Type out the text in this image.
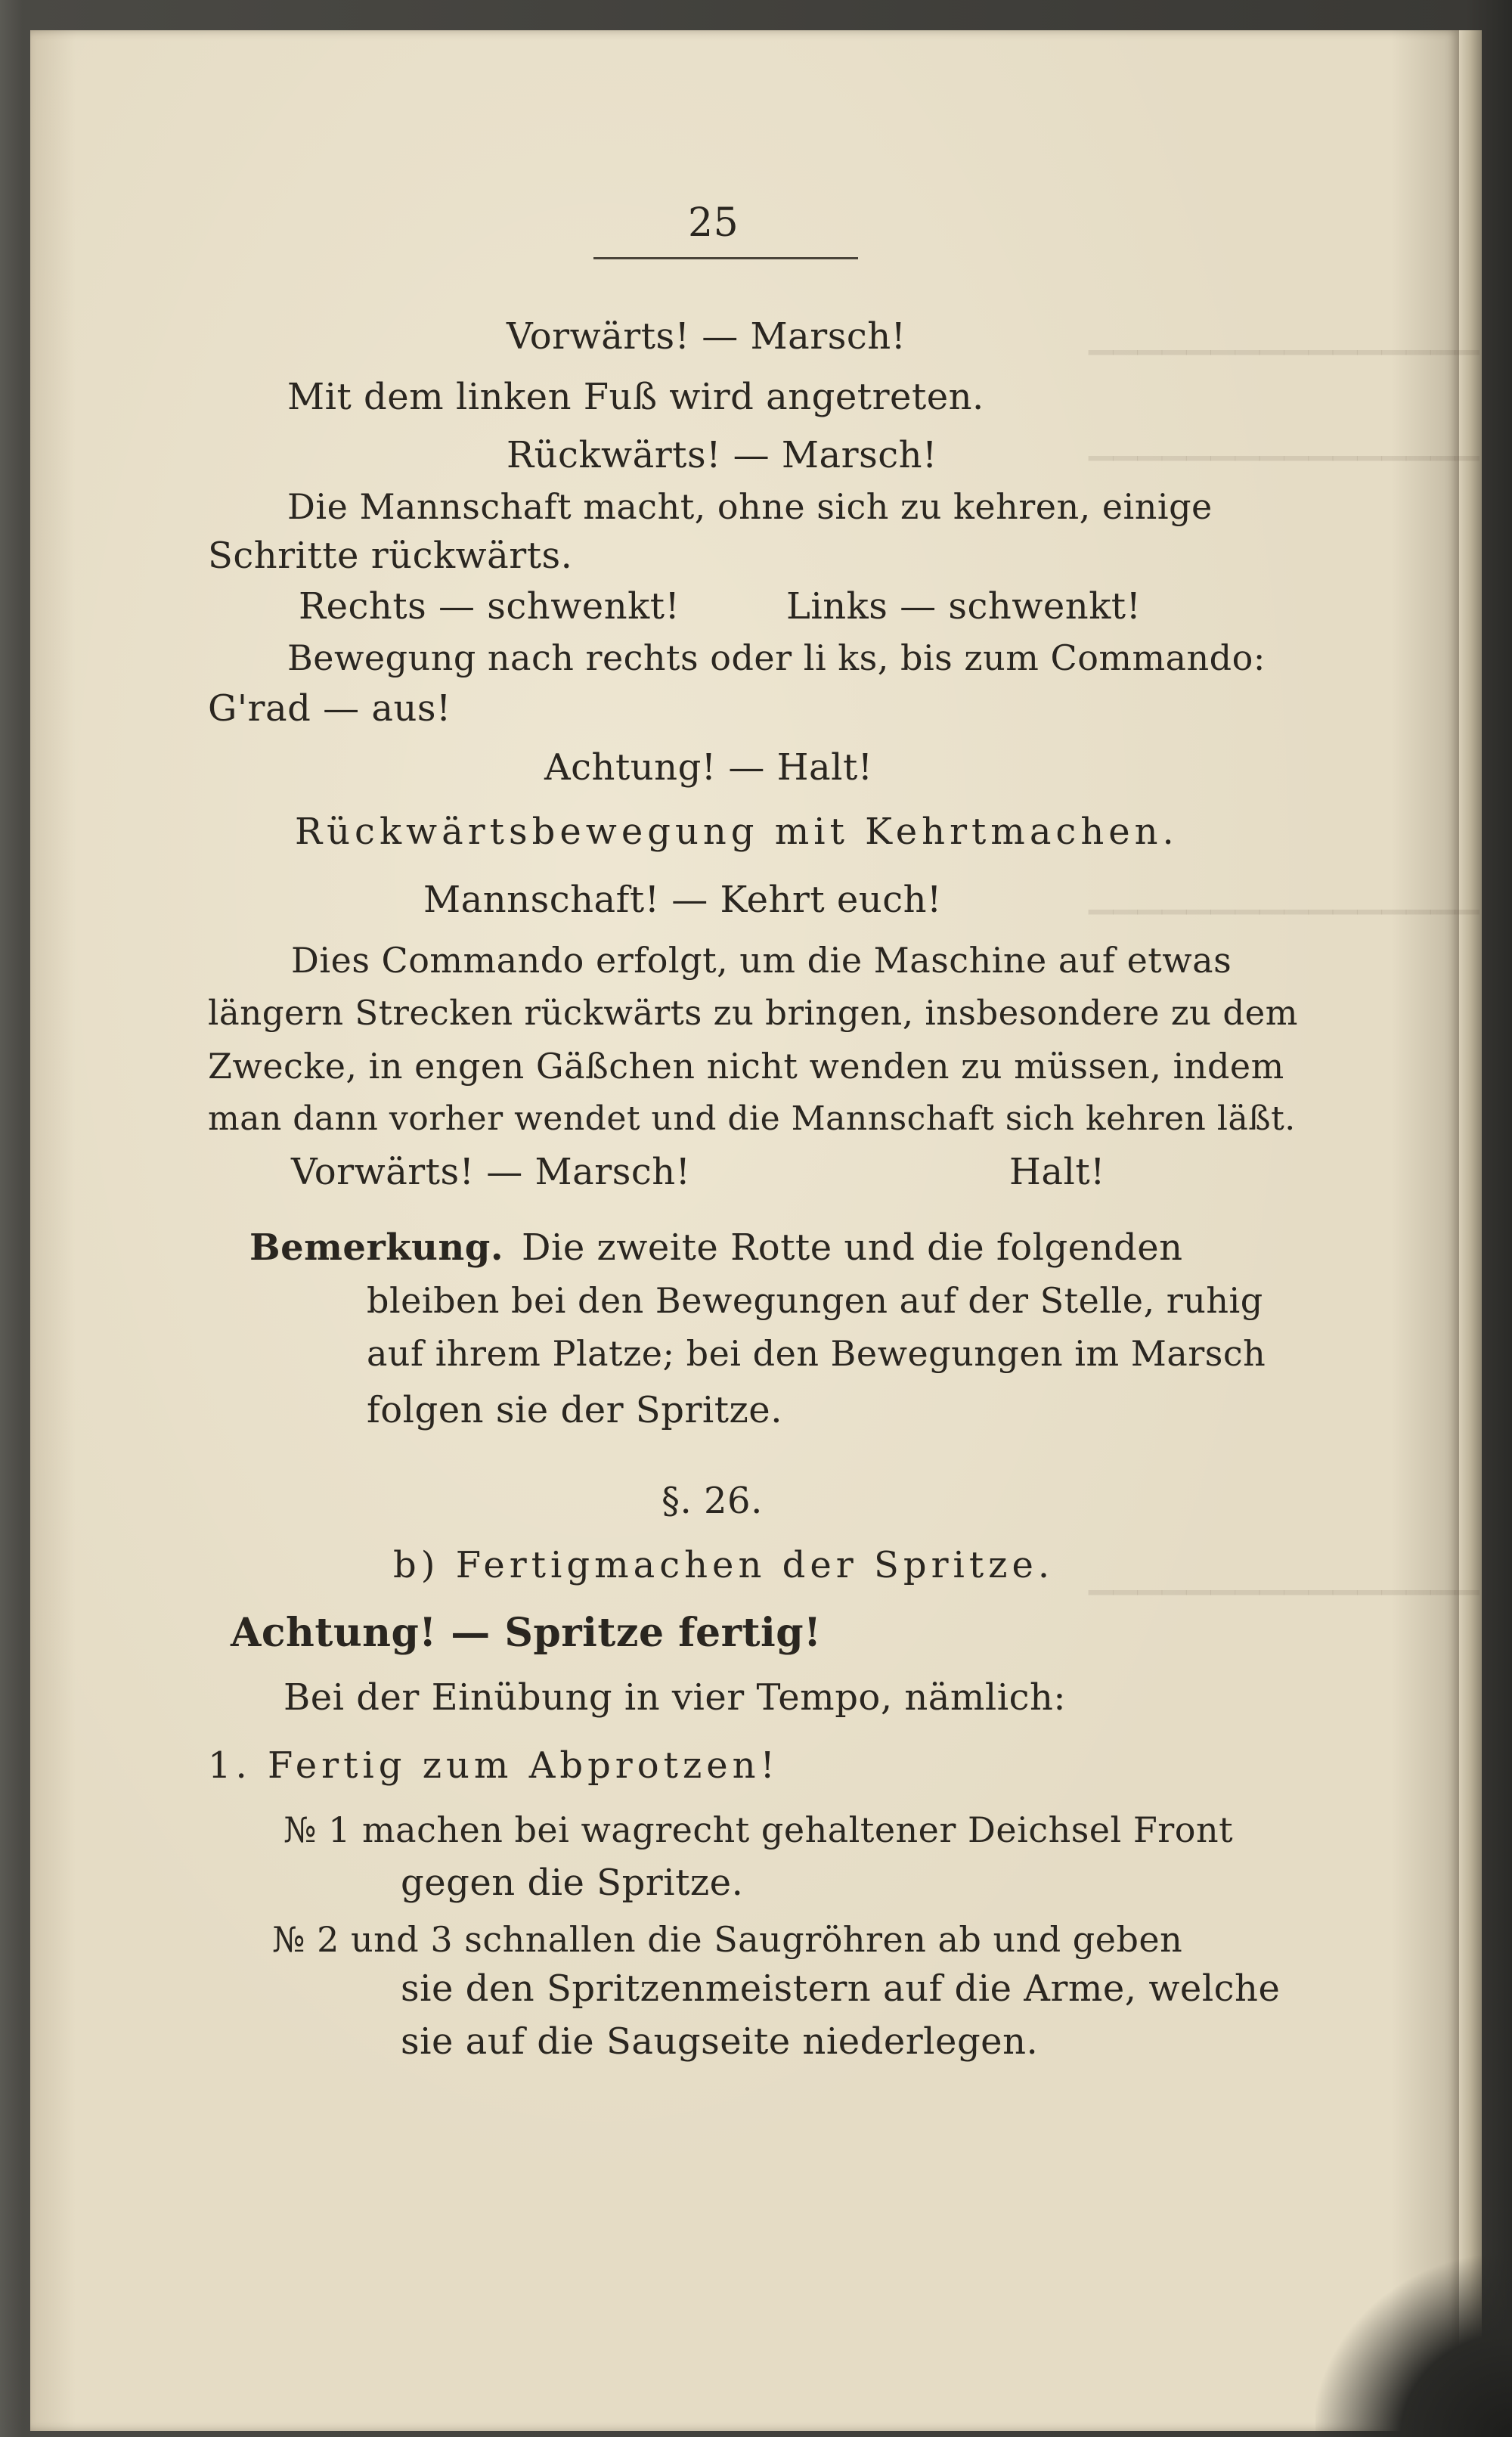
▁▁▁▁▁▁▁▁▁▁▁▁▁▁▁▁
▁▁▁▁▁▁▁▁▁▁▁▁▁▁▁▁
▁▁▁▁▁▁▁▁▁▁▁▁▁▁▁▁
▁▁▁▁▁▁▁▁▁▁▁▁▁▁▁▁
25
Vorwärts! — Marsch!
Mit dem linken Fuß wird angetreten.
Rückwärts! — Marsch!
Die Mannschaft macht, ohne sich zu kehren, einige
Schritte rückwärts.
Rechts — schwenkt!	Links — schwenkt!
Bewegung nach rechts oder li ks, bis zum Commando:
G'rad — aus!
Achtung! — Halt!
Rückwärtsbewegung mit Kehrtmachen.
Mannschaft! — Kehrt euch!
Dies Commando erfolgt, um die Maschine auf etwas
längern Strecken rückwärts zu bringen, insbesondere zu dem
Zwecke, in engen Gäßchen nicht wenden zu müssen, indem
man dann vorher wendet und die Mannschaft sich kehren läßt.
Vorwärts! — Marsch!	Halt!
Bemerkung. Die zweite Rotte und die folgenden
bleiben bei den Bewegungen auf der Stelle, ruhig
auf ihrem Platze; bei den Bewegungen im Marsch
folgen sie der Spritze.
§. 26.
b) Fertigmachen der Spritze.
Achtung! — Spritze fertig!
Bei der Einübung in vier Tempo, nämlich:
1. Fertig zum Abprotzen!
№ 1 machen bei wagrecht gehaltener Deichsel Front
gegen die Spritze.
№ 2 und 3 schnallen die Saugröhren ab und geben
sie den Spritzenmeistern auf die Arme, welche
sie auf die Saugseite niederlegen.
